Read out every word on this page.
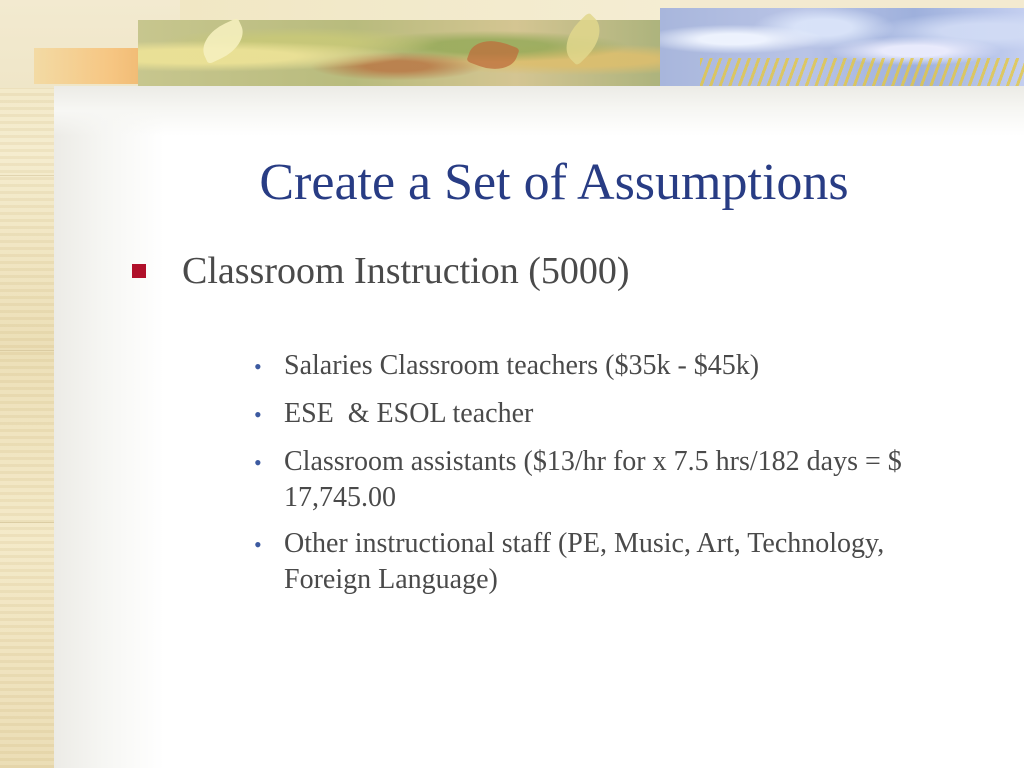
Create a Set of Assumptions
Classroom Instruction (5000)
• Salaries Classroom teachers ($35k - $45k)
• ESE  & ESOL teacher
• Classroom assistants ($13/hr for x 7.5 hrs/182 days = $ 17,745.00
• Other instructional staff (PE, Music, Art, Technology, Foreign Language)
